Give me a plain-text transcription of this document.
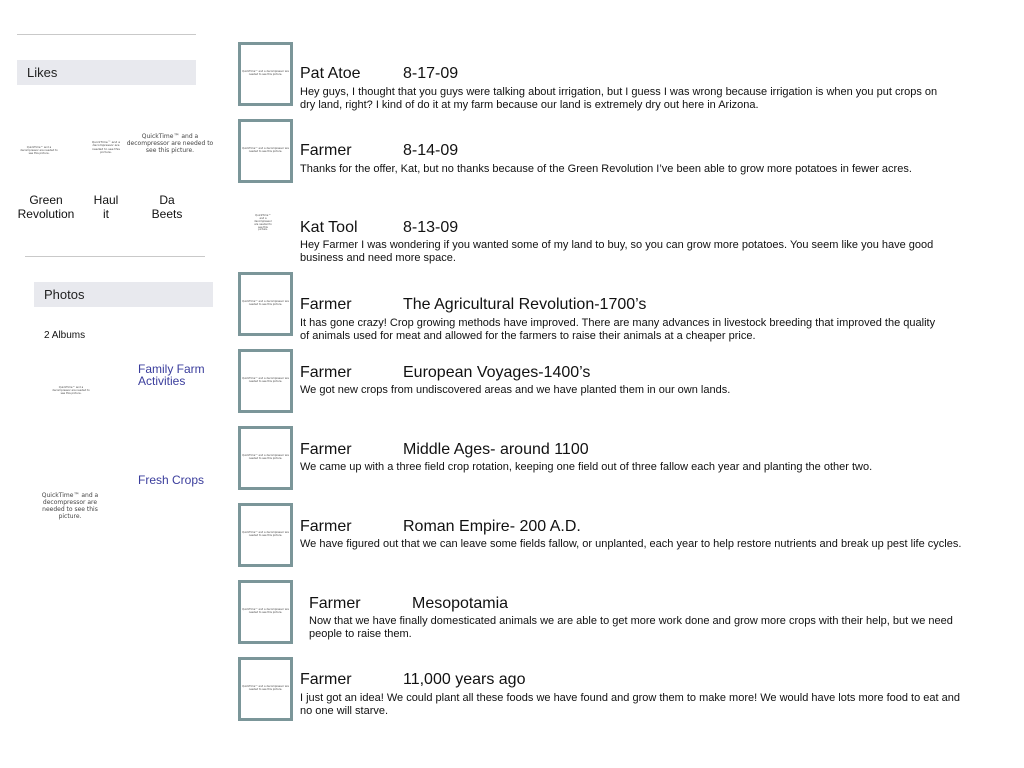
Likes
QuickTime™ and a decompressor are needed to see this picture.
QuickTime™ and a decompressor are needed to see this picture.
QuickTime™ and a decompressor are needed to see this picture.
Green Revolution
Haul it
Da Beets
Photos
2 Albums
QuickTime™ and a decompressor are needed to see this picture.
Family Farm Activities
Fresh Crops
QuickTime™ and a decompressor are needed to see this picture.
QuickTime™ and a decompressor are needed to see this picture.	Pat Atoe	8-17-09
Hey guys, I thought that you guys were talking about irrigation, but I guess I was wrong because irrigation is when you put crops on dry land, right? I kind of do it at my farm because our land is extremely dry out here in Arizona.
QuickTime™ and a decompressor are needed to see this picture.	Farmer	8-14-09
Thanks for the offer, Kat, but no thanks because of the Green Revolution I’ve been able to grow more potatoes in fewer acres.
QuickTime™ and a decompressor are needed to see this picture.	Kat Tool	8-13-09
Hey Farmer I was wondering if you wanted some of my land to buy, so you can grow more potatoes. You seem like you have good business and need more space.
QuickTime™ and a decompressor are needed to see this picture.	Farmer	The Agricultural Revolution-1700’s
It has gone crazy! Crop growing methods have improved. There are many advances in livestock breeding that improved the quality of animals used for meat and allowed for the farmers to raise their animals at a cheaper price.
QuickTime™ and a decompressor are needed to see this picture.
Farmer	European Voyages-1400’s
We got new crops from undiscovered areas and we have planted them in our own lands.
QuickTime™ and a decompressor are needed to see this picture.
Farmer	Middle Ages- around 1100
We came up with a three field crop rotation, keeping one field out of three fallow each year and planting the other two.
QuickTime™ and a decompressor are needed to see this picture.
Farmer	Roman Empire- 200 A.D.
We have figured out that we can leave some fields fallow, or unplanted, each year to help restore nutrients and break up pest life cycles.
QuickTime™ and a decompressor are needed to see this picture.
Farmer	Mesopotamia
Now that we have finally domesticated animals we are able to get more work done and grow more crops with their help, but we need people to raise them.
QuickTime™ and a decompressor are needed to see this picture.
Farmer	11,000 years ago
I just got an idea! We could plant all these foods we have found and grow them to make more! We would have lots more food to eat and no one will starve.
